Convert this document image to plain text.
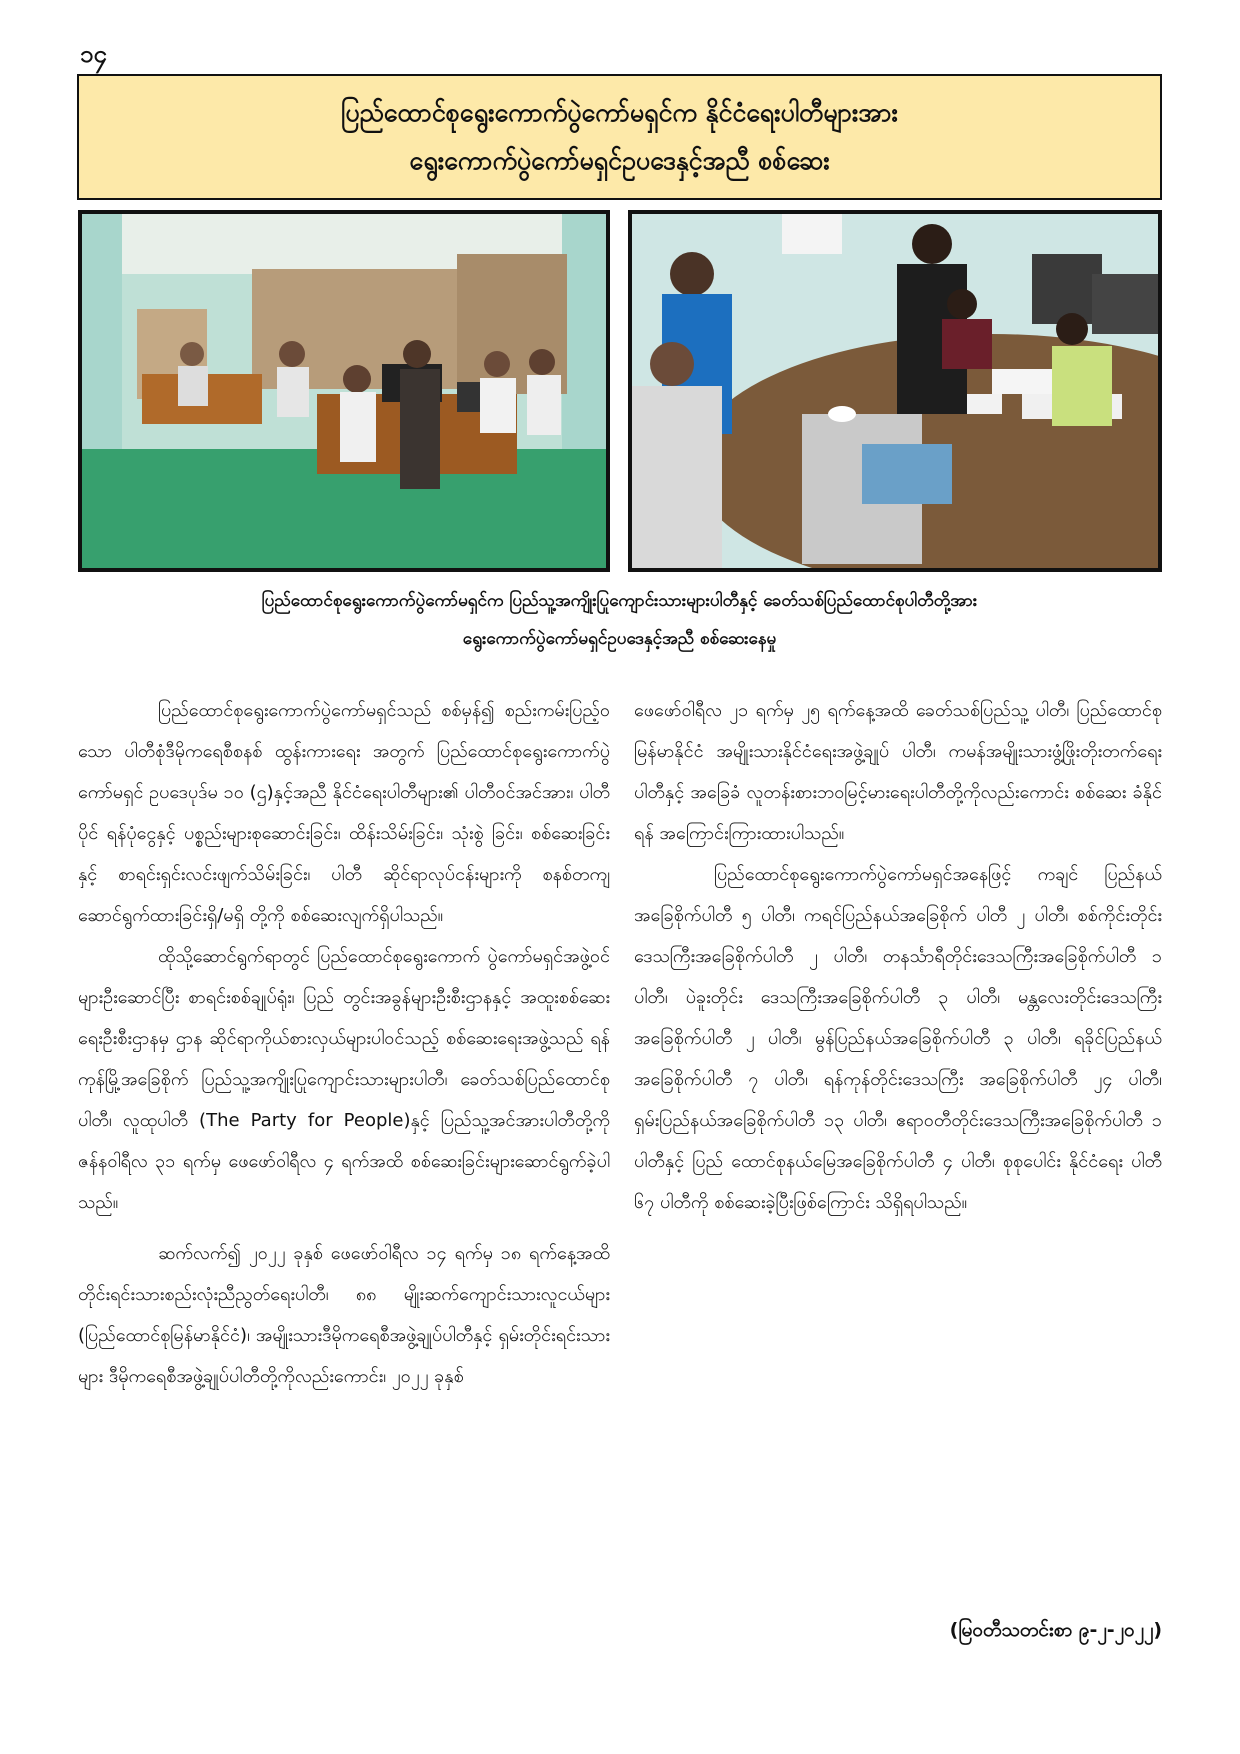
၁၄
ပြည်ထောင်စုရွေးကောက်ပွဲကော်မရှင်က နိုင်ငံရေးပါတီများအား
ရွေးကောက်ပွဲကော်မရှင်ဥပဒေနှင့်အညီ စစ်ဆေး
ပြည်ထောင်စုရွေးကောက်ပွဲကော်မရှင်က ပြည်သူ့အကျိုးပြုကျောင်းသားများပါတီနှင့် ခေတ်သစ်ပြည်ထောင်စုပါတီတို့အား
ရွေးကောက်ပွဲကော်မရှင်ဥပဒေနှင့်အညီ စစ်ဆေးနေမှု

ပြည်ထောင်စုရွေးကောက်ပွဲကော်မရှင်သည် စစ်မှန်၍ စည်းကမ်းပြည့်ဝသော ပါတီစုံဒီမိုကရေစီစနစ် ထွန်းကားရေး အတွက် ပြည်ထောင်စုရွေးကောက်ပွဲကော်မရှင် ဥပဒေပုဒ်မ ၁၀ (ဌ)နှင့်အညီ နိုင်ငံရေးပါတီများ၏ ပါတီဝင်အင်အား၊ ပါတီပိုင် ရန်ပုံငွေနှင့် ပစ္စည်းများစုဆောင်းခြင်း၊ ထိန်းသိမ်းခြင်း၊ သုံးစွဲ ခြင်း၊ စစ်ဆေးခြင်းနှင့် စာရင်းရှင်းလင်းဖျက်သိမ်းခြင်း၊ ပါတီ ဆိုင်ရာလုပ်ငန်းများကို စနစ်တကျဆောင်ရွက်ထားခြင်းရှိ/မရှိ တို့ကို စစ်ဆေးလျက်ရှိပါသည်။

ထိုသို့ဆောင်ရွက်ရာတွင် ပြည်ထောင်စုရွေးကောက် ပွဲကော်မရှင်အဖွဲ့ဝင်များဦးဆောင်ပြီး စာရင်းစစ်ချုပ်ရုံး၊ ပြည် တွင်းအခွန်များဦးစီးဌာနနှင့် အထူးစစ်ဆေးရေးဦးစီးဌာနမှ ဌာန ဆိုင်ရာကိုယ်စားလှယ်များပါဝင်သည့် စစ်ဆေးရေးအဖွဲ့သည် ရန်ကုန်မြို့အခြေစိုက် ပြည်သူ့အကျိုးပြုကျောင်းသားများပါတီ၊ ခေတ်သစ်ပြည်ထောင်စုပါတီ၊ လူထုပါတီ (The Party for People)နှင့် ပြည်သူ့အင်အားပါတီတို့ကို ဇန်နဝါရီလ ၃၁ ရက်မှ ဖေဖော်ဝါရီလ ၄ ရက်အထိ စစ်ဆေးခြင်းများဆောင်ရွက်ခဲ့ပါ သည်။

ဆက်လက်၍ ၂၀၂၂ ခုနှစ် ဖေဖော်ဝါရီလ ၁၄ ရက်မှ ၁၈ ရက်နေ့အထိ တိုင်းရင်းသားစည်းလုံးညီညွတ်ရေးပါတီ၊ ၈၈ မျိုးဆက်ကျောင်းသားလူငယ်များ (ပြည်ထောင်စုမြန်မာနိုင်ငံ)၊ အမျိုးသားဒီမိုကရေစီအဖွဲ့ချုပ်ပါတီနှင့် ရှမ်းတိုင်းရင်းသားများ ဒီမိုကရေစီအဖွဲ့ချုပ်ပါတီတို့ကိုလည်းကောင်း၊ ၂၀၂၂ ခုနှစ်

ဖေဖော်ဝါရီလ ၂၁ ရက်မှ ၂၅ ရက်နေ့အထိ ခေတ်သစ်ပြည်သူ့ ပါတီ၊ ပြည်ထောင်စုမြန်မာနိုင်ငံ အမျိုးသားနိုင်ငံရေးအဖွဲ့ချုပ် ပါတီ၊ ကမန်အမျိုးသားဖွံ့ဖြိုးတိုးတက်ရေးပါတီနှင့် အခြေခံ လူတန်းစားဘဝမြင့်မားရေးပါတီတို့ကိုလည်းကောင်း စစ်ဆေး ခံနိုင်ရန် အကြောင်းကြားထားပါသည်။

ပြည်ထောင်စုရွေးကောက်ပွဲကော်မရှင်အနေဖြင့် ကချင် ပြည်နယ်အခြေစိုက်ပါတီ ၅ ပါတီ၊ ကရင်ပြည်နယ်အခြေစိုက် ပါတီ ၂ ပါတီ၊ စစ်ကိုင်းတိုင်းဒေသကြီးအခြေစိုက်ပါတီ ၂ ပါတီ၊ တနင်္သာရီတိုင်းဒေသကြီးအခြေစိုက်ပါတီ ၁ ပါတီ၊ ပဲခူးတိုင်း ဒေသကြီးအခြေစိုက်ပါတီ ၃ ပါတီ၊ မန္တလေးတိုင်းဒေသကြီး အခြေစိုက်ပါတီ ၂ ပါတီ၊ မွန်ပြည်နယ်အခြေစိုက်ပါတီ ၃ ပါတီ၊ ရခိုင်ပြည်နယ်အခြေစိုက်ပါတီ ၇ ပါတီ၊ ရန်ကုန်တိုင်းဒေသကြီး အခြေစိုက်ပါတီ ၂၄ ပါတီ၊ ရှမ်းပြည်နယ်အခြေစိုက်ပါတီ ၁၃ ပါတီ၊ ဧရာဝတီတိုင်းဒေသကြီးအခြေစိုက်ပါတီ ၁ ပါတီနှင့် ပြည် ထောင်စုနယ်မြေအခြေစိုက်ပါတီ ၄ ပါတီ၊ စုစုပေါင်း နိုင်ငံရေး ပါတီ ၆၇ ပါတီကို စစ်ဆေးခဲ့ပြီးဖြစ်ကြောင်း သိရှိရပါသည်။

(မြဝတီသတင်းစာ ၉-၂-၂၀၂၂)
